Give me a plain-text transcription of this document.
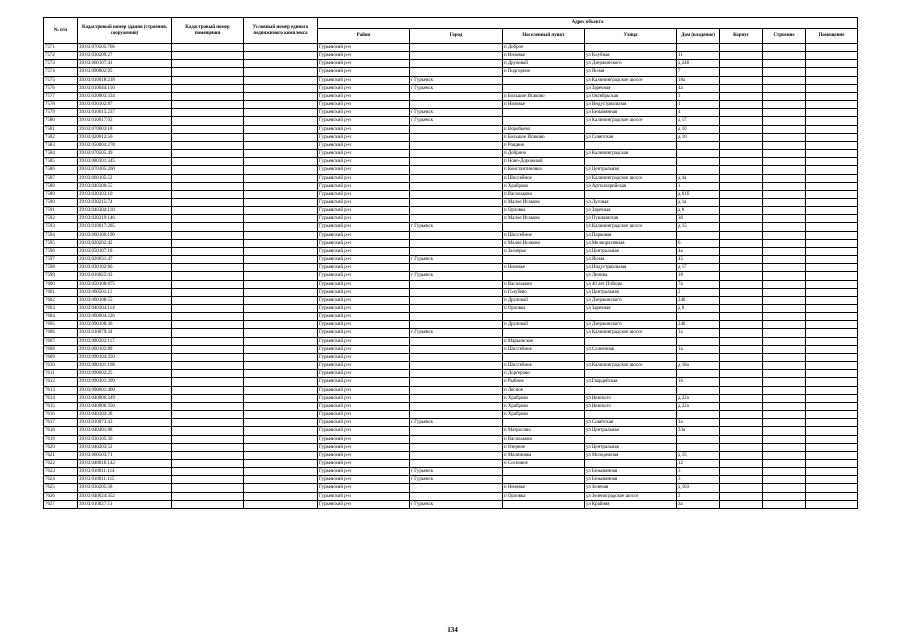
№ п/п	Кадастровый номер здания (строения, сооружения)	Кадастровый номер помещения	Условный номер единого недвижимого комплекса	Адрес объекта							
				Район	Город	Населенный пункт	Улица	Дом (владение)	Корпус	Строение	Помещение
7571	39:03:070505:766			Гурьевский р-н		п Доброе					
7572	39:03:030209:27			Гурьевский р-н		п Низовье	ул Клубная	11			
7573	39:03:060107:41			Гурьевский р-н		п Дружный	ул Дзержинского	д 24б			
7574	39:03:090802:95			Гурьевский р-н		п Подгорное	ул Ясная	7			
7575	39:03:010018:218			Гурьевский р-н	г Гурьевск		ул Калининградское шоссе	18а			
7576	39:03:010044:110			Гурьевский р-н	г Гурьевск		ул Заречная	4а			
7577	39:03:020003:334			Гурьевский р-н		п Большое Исаково	ул Октябрьская	3			
7578	39:03:030102:87			Гурьевский р-н		п Низовье	ул Индустриальная	1			
7579	39:03:010015:237			Гурьевский р-н	г Гурьевск		ул Безымянная	4			
7580	39:03:010017:92			Гурьевский р-н	г Гурьевск		ул Калининградское шоссе	д 17			
7581	39:03:070603:18			Гурьевский р-н		п Воробьево		д 10			
7582	39:03:020012:56			Гурьевский р-н		п Большое Исаково	ул Советская	д 10			
7583	39:03:050004:278			Гурьевский р-н		п Рощино					
7584	39:03:070505:49			Гурьевский р-н		п Добрино	ул Калининградская				
7585	39:03:080301:345			Гурьевский р-н		п Ново-Дорожный					
7586	39:03:070105:260			Гурьевский р-н		п Константиновка	ул Центральная				
7587	39:03:060105:52			Гурьевский р-н		п Шоссейное	ул Калининградское шоссе	д 4а			
7588	39:03:040306:55			Гурьевский р-н		п Храброво	ул Артиллерийская	1			
7589	39:03:030103:10			Гурьевский р-н		п Васильково		д 61б			
7590	39:03:030215:74			Гурьевский р-н		п Малое Исаково	ул Луговая	д 1а			
7591	39:03:040304:110			Гурьевский р-н		п Орловка	ул Заречная	д 8			
7592	39:03:020219:146			Гурьевский р-н		п Малое Исаково	ул Пушкинская	36			
7593	39:03:010017:285			Гурьевский р-н	г Гурьевск		ул Калининградское шоссе	д 15			
7594	39:03:060106:190			Гурьевский р-н		п Шоссейное	ул Парковая				
7595	39:03:020202:42			Гурьевский р-н		п Малое Исаково	ул Мелиоративная	6			
7596	39:03:050107:18			Гурьевский р-н		п Заозерье	ул Центральная	4а			
7597	39:03:020031:47			Гурьевский р-н	г Гурьевск		ул Ясная	45			
7598	39:03:030102:66			Гурьевский р-н		п Низовье	ул Индустриальная	д 17			
7599	39:03:010025:43			Гурьевский р-н	г Гурьевск		ул Ленина	18			
7600	39:03:050108:875			Гурьевский р-н		п Васильково	ул 40 лет Победы	7а			
7601	39:03:060501:11			Гурьевский р-н		п Голубево	ул Центральная	2			
7602	39:03:060108:55			Гурьевский р-н		п Дружный	ул Дзержинского	24б			
7603	39:03:040304:114			Гурьевский р-н		п Орловка	ул Заречная	д 8			
7604	39:03:060004:226			Гурьевский р-н							
7605	39:03:090108:36			Гурьевский р-н		п Дружный	ул Дзержинского	24б			
7606	39:03:010079:34			Гурьевский р-н	г Гурьевск		ул Калининградское шоссе	1а			
7607	39:03:080202:117			Гурьевский р-н		п Марьинское					
7608	39:03:060102:88			Гурьевский р-н		п Шоссейное	ул Солнечная	1а			
7609	39:03:090104:350			Гурьевский р-н							
7610	39:03:080101:108			Гурьевский р-н		п Шоссейное	ул Калининградское шоссе	д 18а			
7611	39:03:090602:25			Гурьевский р-н		п Доргерово					
7612	39:03:090301:209			Гурьевский р-н		п Рыбное	ул Гвардейская	16			
7613	39:03:090601:400			Гурьевский р-н		п Лесное					
7614	39:03:040006:349			Гурьевский р-н		п Храброво	ул Невского	д 22а			
7615	39:03:040006:350			Гурьевский р-н		п Храброво	ул Невского	д 22а			
7616	39:03:040304:28			Гурьевский р-н		п Храброво					
7617	39:03:010073:43			Гурьевский р-н	г Гурьевск		ул Советская	1а			
7618	39:03:040401:88			Гурьевский р-н		п Матросово	ул Центральная	33а			
7619	39:03:030105:30			Гурьевский р-н		п Васильково					
7620	39:03:040203:52			Гурьевский р-н		п Озерное	ул Центральная				
7621	39:03:060503:71			Гурьевский р-н		п Малиновка	ул Молодежная	д 15			
7622	39:03:040016:142			Гурьевский р-н		п Сосновое		12			
7623	39:03:010011:114			Гурьевский р-н	г Гурьевск		ул Безымянная	3			
7624	39:03:010011:115			Гурьевский р-н	г Гурьевск		ул Безымянная	3			
7625	39:03:030205:58			Гурьевский р-н		п Низовье	ул Зеленая	д 103			
7626	39:03:040024:352			Гурьевский р-н		п Орловка	ул Зеленоградское шоссе	2			
7627	39:03:010027:51			Гурьевский р-н	г Гурьевск		ул Крайняя	3а			
134
